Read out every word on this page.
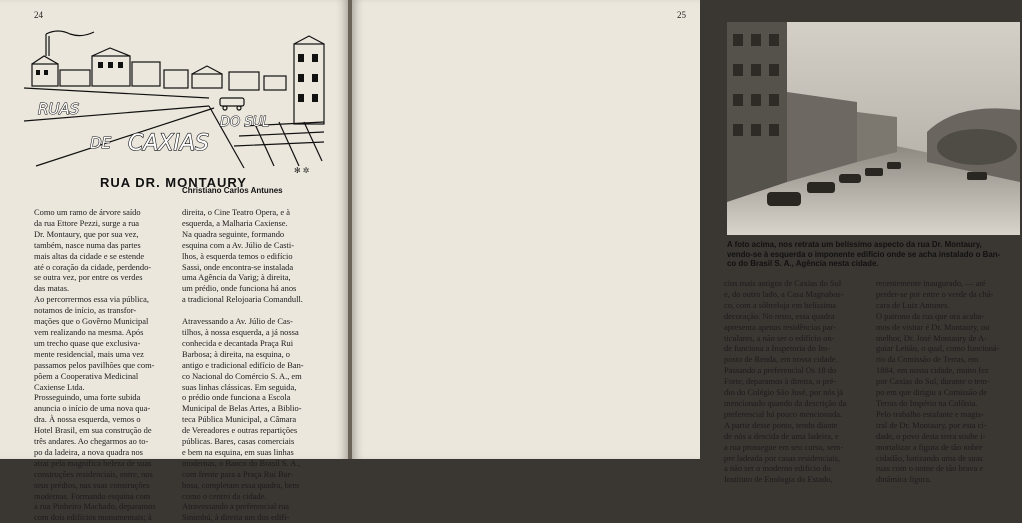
24
RUAS
DE CAXIAS
DO SUL
RUA DR. MONTAURY
✻ ✲
Christiano Carlos Antunes

Como um ramo de árvore saído

da rua Ettore Pezzi, surge a rua

Dr. Montaury, que por sua vez,

também, nasce numa das partes

mais altas da cidade e se estende

até o coração da cidade, perdendo-

se outra vez, por entre os verdes

das matas.

Ao percorrermos essa via pública,

notamos de início, as transfor-

mações que o Govêrno Municipal

vem realizando na mesma. Após

um trecho quase que exclusiva-

mente residencial, mais uma vez

passamos pelos pavilhões que com-

põem a Cooperativa Medicinal

Caxiense Ltda.

Prosseguindo, uma forte subida

anuncia o início de uma nova qua-

dra. À nossa esquerda, vemos o

Hotel Brasil, em sua construção de

três andares. Ao chegarmos ao to-

po da ladeira, a nova quadra nos

atrai pela magnífica beleza de suas

construções residenciais, entre, nos

seus prédios, nas suas construções

modernas. Formando esquina com

a rua Pinheiro Machado, deparamos

com dois edifícios monumentais; à

direita, o Cine Teatro Opera, e à

esquerda, a Malharia Caxiense.

Na quadra seguinte, formando

esquina com a Av. Júlio de Casti-

lhos, à esquerda temos o edifício

Sassi, onde encontra-se instalada

uma Agência da Varig; à direita,

um prédio, onde funciona há anos

a tradicional Relojoaria Comandull.

Atravessando a Av. Júlio de Cas-

tilhos, à nossa esquerda, a já nossa

conhecida e decantada Praça Rui

Barbosa; à direita, na esquina, o

antigo e tradicional edifício de Ban-

co Nacional do Comércio S. A., em

suas linhas clássicas. Em seguida,

o prédio onde funciona a Escola

Municipal de Belas Artes, a Biblio-

teca Pública Municipal, a Câmara

de Vereadores e outras repartições

públicas. Bares, casas comerciais

e bem na esquina, em suas linhas

modernas, o Banco do Brasil S. A.,

com frente para a Praça Rui Bar-

bosa, completam essa quadra, bem

como o centro da cidade.

Atravessando a preferencial rua

Sinimbú, à direita um dos edifí-

25

A foto acima, nos retrata um belíssimo aspecto da rua Dr. Montaury,

vendo-se à esquerda o imponente edifício onde se acha instalado o Ban-

co do Brasil S. A., Agência nesta cidade.

cios mais antigos de Caxias do Sul

e, do outro lado, a Casa Magnabos-

co, com a sôbreloja em belíssima

decoração. No resto, essa quadra

apresenta apenas residências par-

ticulares, a não ser o edifício on-

de funciona a Inspetoria do Im-

posto de Renda, em nossa cidade.

Passando a preferencial Os 18 do

Forte, deparamos à direita, o pré-

dio do Colégio São José, por nós já

mencionado quando da descrição da

preferencial há pouco mencionada.

A partir desse ponto, tendo diante

de nós a descida de uma ladeira, e

a rua prossegue em seu curso, sem-

pre ladeada por casas residenciais,

a não ser o moderno edifício do

Instituto de Enologia do Estado,

recentemente inaugurado, — até

perder-se por entre o verde da chá-

cara de Luiz Antunes.

O patrono da rua que ora acaba-

mos de visitar é Dr. Montaury, ou

melhor, Dr. José Montaury de A-

guiar Leitão, o qual, como funcioná-

rio da Comissão de Terras, em

1884, em nossa cidade, muito fez

por Caxias do Sul, durante o tem-

po em que dirigiu a Comissão de

Terras do Império na Colônia.

Pelo trabalho estafante e magis-

tral de Dr. Montaury, por esta ci-

dade, o povo desta terra soube i-

mortalizar a figura de tão nobre

cidadão, batizando uma de suas

ruas com o nome de tão brava e

dinâmica figura.
